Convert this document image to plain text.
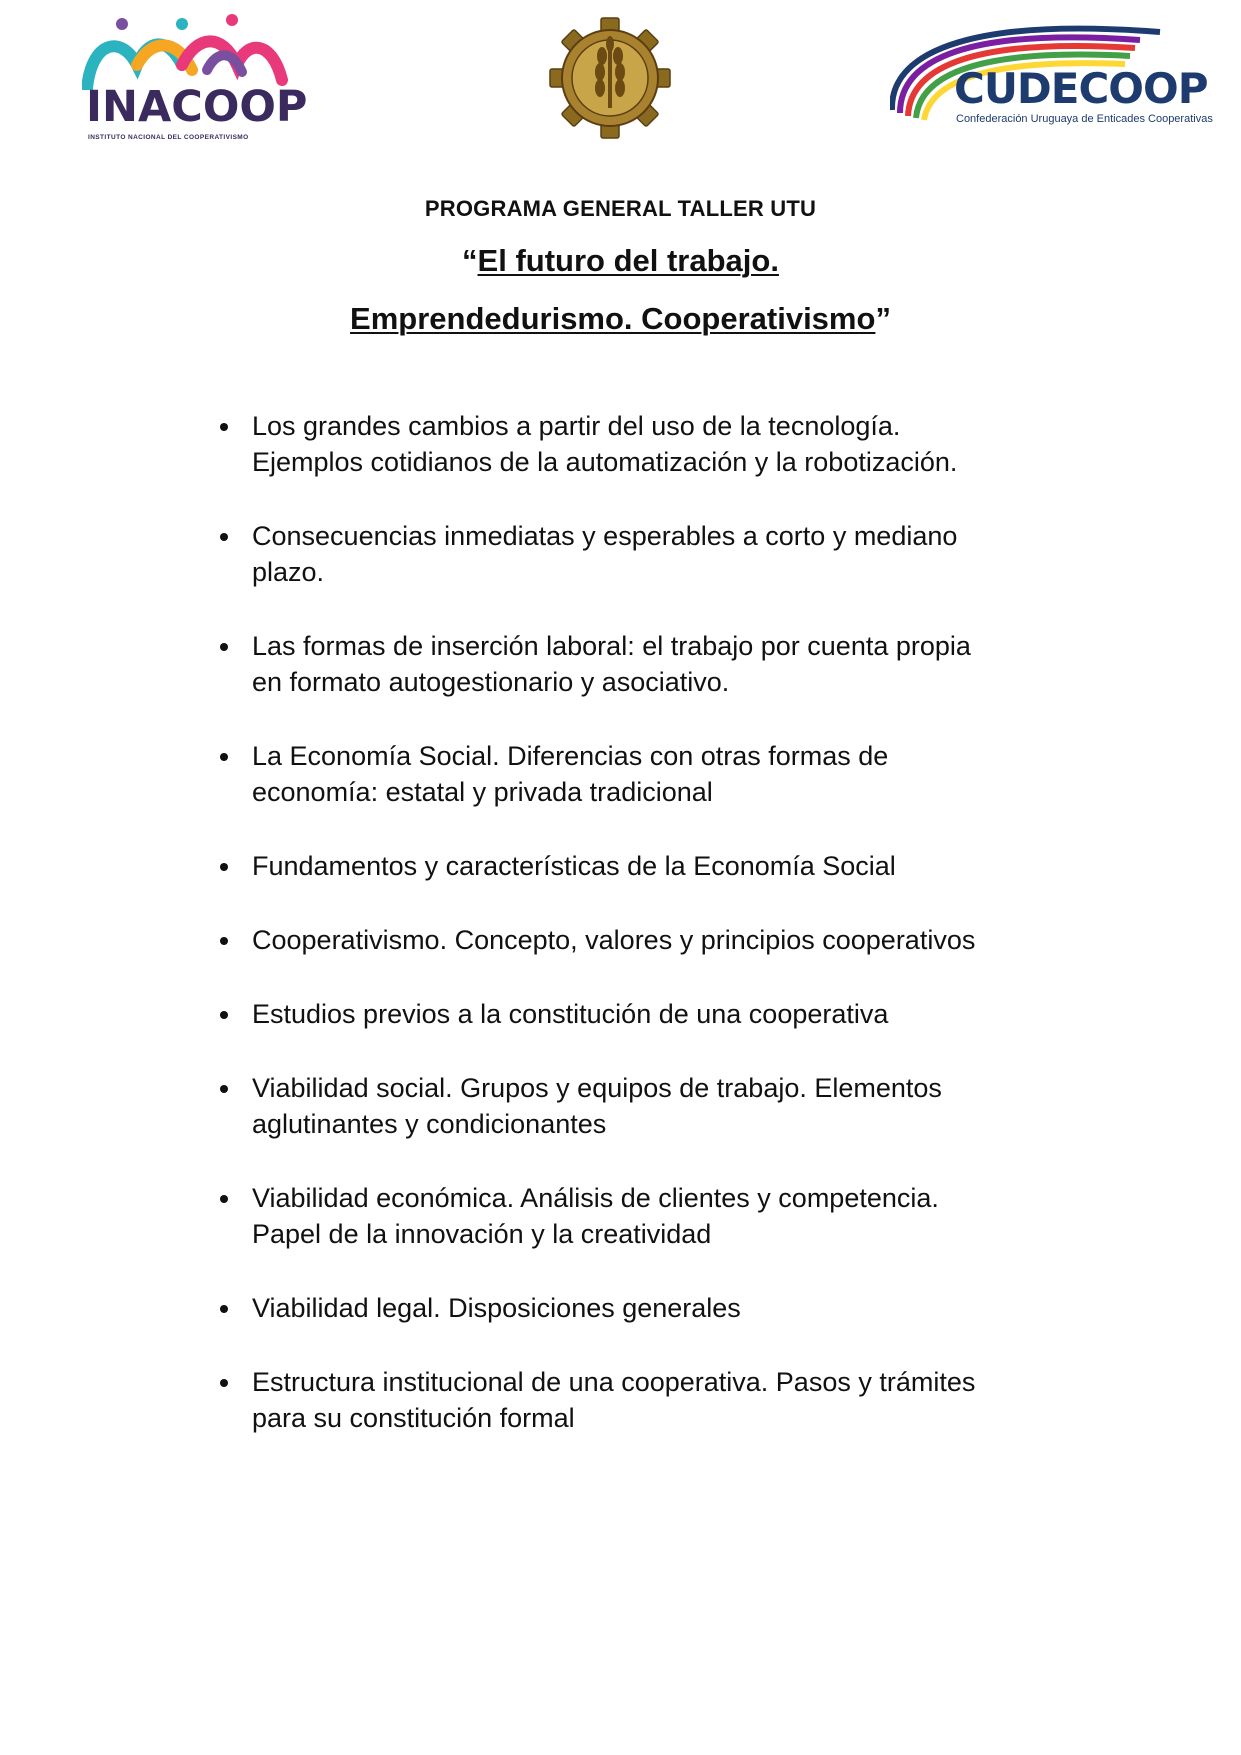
INACOOP
INSTITUTO NACIONAL DEL COOPERATIVISMO
CUDECOOP
Confederación Uruguaya de Enticades Cooperativas
PROGRAMA GENERAL TALLER UTU
“El futuro del trabajo.
Emprendedurismo. Cooperativismo”
Los grandes cambios a partir del uso de la tecnología.
Ejemplos cotidianos de la automatización y la robotización.
Consecuencias inmediatas y esperables a corto y mediano
plazo.
Las formas de inserción laboral: el trabajo por cuenta propia
en formato autogestionario y asociativo.
La Economía Social. Diferencias con otras formas de
economía: estatal y privada tradicional
Fundamentos y características de la Economía Social
Cooperativismo. Concepto, valores y principios cooperativos
Estudios previos a la constitución de una cooperativa
Viabilidad social. Grupos y equipos de trabajo. Elementos
aglutinantes y condicionantes
Viabilidad económica. Análisis de clientes y competencia.
Papel de la innovación y la creatividad
Viabilidad legal. Disposiciones generales
Estructura institucional de una cooperativa. Pasos y trámites
para su constitución formal
